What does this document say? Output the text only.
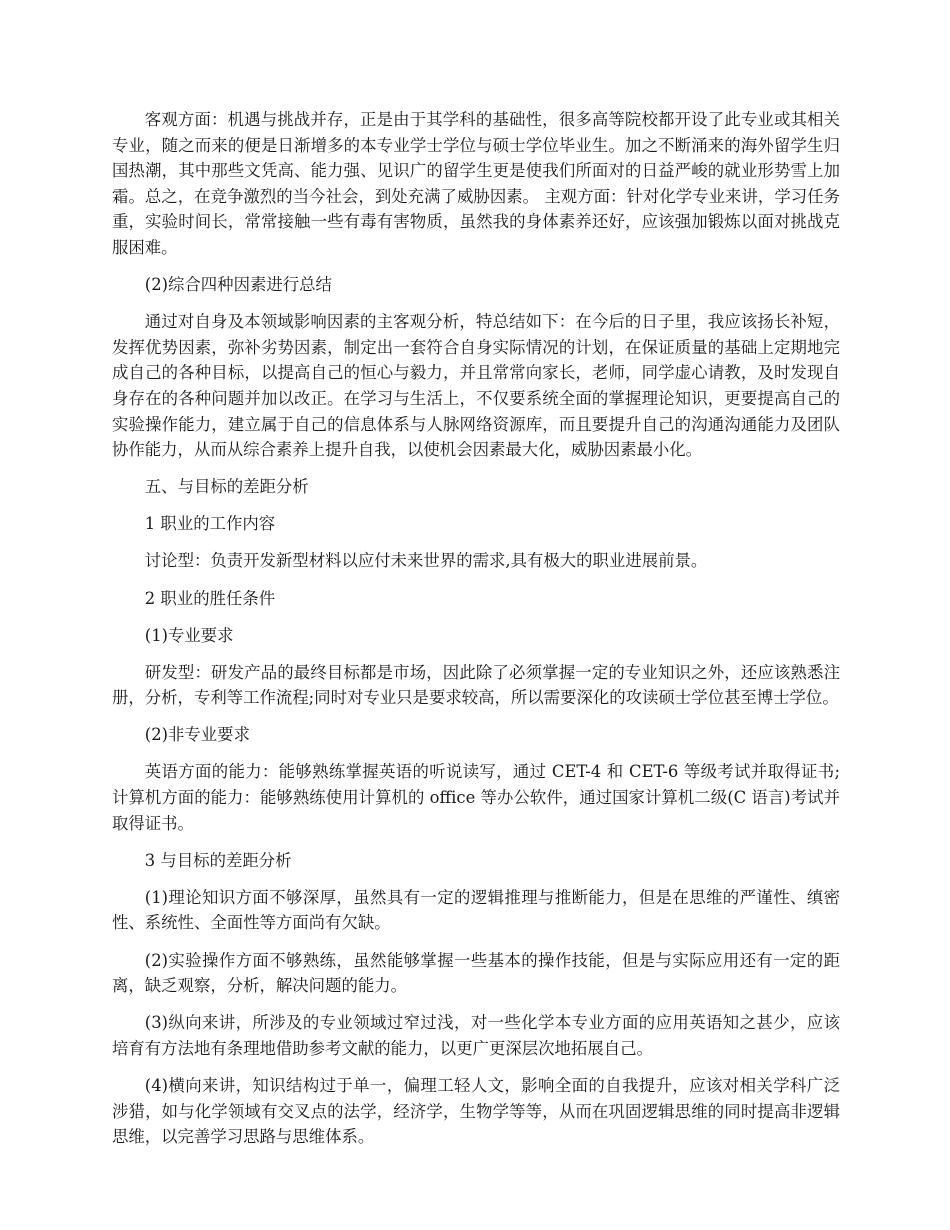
客观方面：机遇与挑战并存，正是由于其学科的基础性，很多高等院校都开设了此专业或其相关专业，随之而来的便是日渐增多的本专业学士学位与硕士学位毕业生。加之不断涌来的海外留学生归国热潮，其中那些文凭高、能力强、见识广的留学生更是使我们所面对的日益严峻的就业形势雪上加霜。总之，在竞争激烈的当今社会，到处充满了威胁因素。 主观方面：针对化学专业来讲，学习任务重，实验时间长，常常接触一些有毒有害物质，虽然我的身体素养还好，应该强加锻炼以面对挑战克服困难。

(2)综合四种因素进行总结

通过对自身及本领域影响因素的主客观分析，特总结如下：在今后的日子里，我应该扬长补短，发挥优势因素，弥补劣势因素，制定出一套符合自身实际情况的计划，在保证质量的基础上定期地完成自己的各种目标，以提高自己的恒心与毅力，并且常常向家长，老师，同学虚心请教，及时发现自身存在的各种问题并加以改正。在学习与生活上，不仅要系统全面的掌握理论知识，更要提高自己的实验操作能力，建立属于自己的信息体系与人脉网络资源库，而且要提升自己的沟通沟通能力及团队协作能力，从而从综合素养上提升自我，以使机会因素最大化，威胁因素最小化。

五、与目标的差距分析

1 职业的工作内容

讨论型：负责开发新型材料以应付未来世界的需求,具有极大的职业进展前景。

2 职业的胜任条件

(1)专业要求

研发型：研发产品的最终目标都是市场，因此除了必须掌握一定的专业知识之外，还应该熟悉注册，分析，专利等工作流程;同时对专业只是要求较高，所以需要深化的攻读硕士学位甚至博士学位。

(2)非专业要求

英语方面的能力：能够熟练掌握英语的听说读写，通过 CET-4 和 CET-6 等级考试并取得证书;计算机方面的能力：能够熟练使用计算机的 office 等办公软件，通过国家计算机二级(C 语言)考试并取得证书。

3 与目标的差距分析

(1)理论知识方面不够深厚，虽然具有一定的逻辑推理与推断能力，但是在思维的严谨性、缜密性、系统性、全面性等方面尚有欠缺。

(2)实验操作方面不够熟练，虽然能够掌握一些基本的操作技能，但是与实际应用还有一定的距离，缺乏观察，分析，解决问题的能力。

(3)纵向来讲，所涉及的专业领域过窄过浅，对一些化学本专业方面的应用英语知之甚少，应该培育有方法地有条理地借助参考文献的能力，以更广更深层次地拓展自己。

(4)横向来讲，知识结构过于单一，偏理工轻人文，影响全面的自我提升，应该对相关学科广泛涉猎，如与化学领域有交叉点的法学，经济学，生物学等等，从而在巩固逻辑思维的同时提高非逻辑思维，以完善学习思路与思维体系。
